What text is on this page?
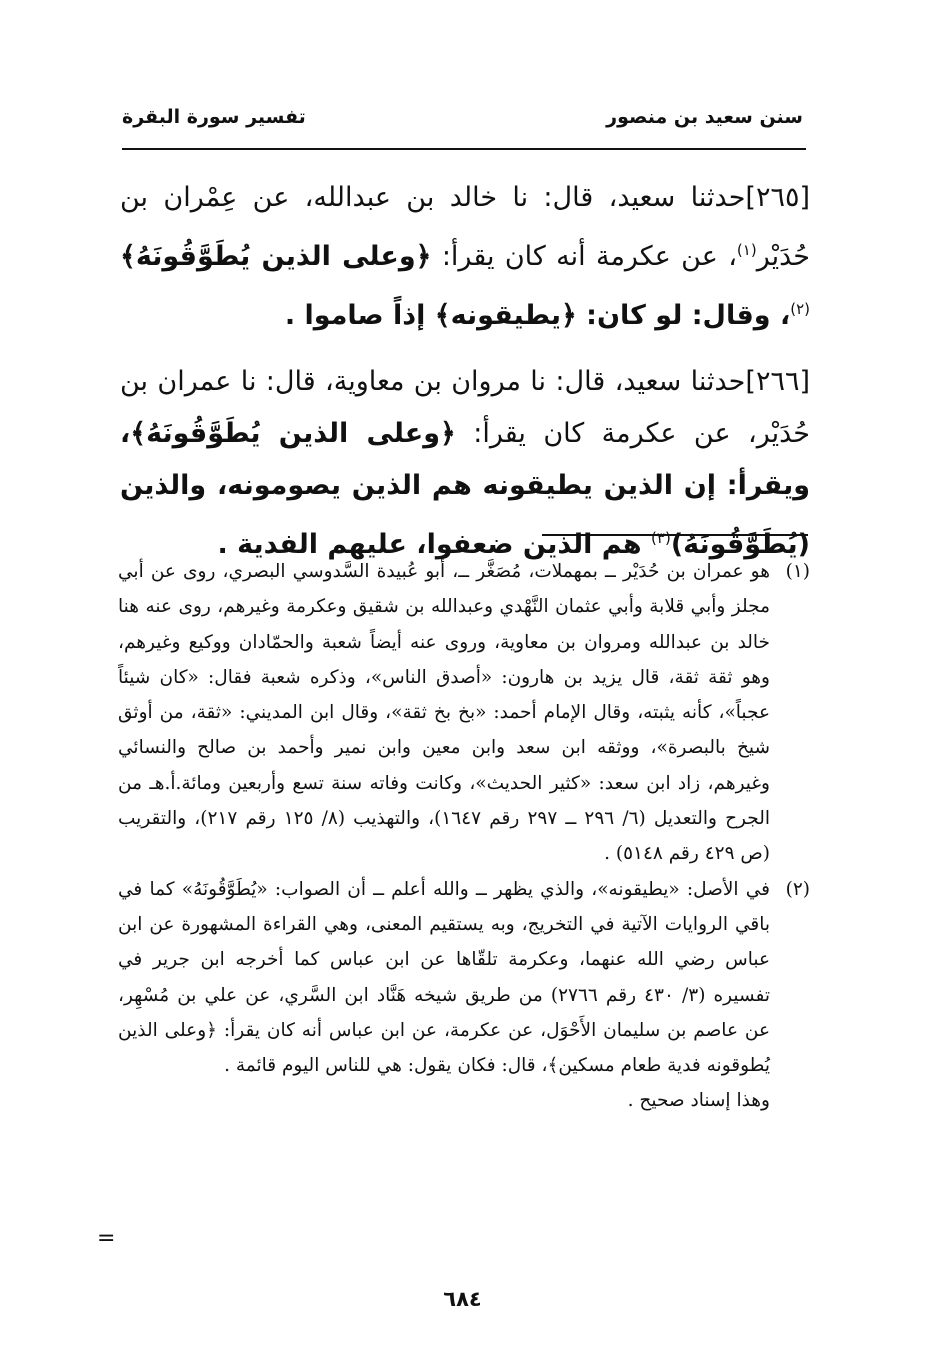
سنن سعيد بن منصور
تفسير سورة البقرة

[٢٦٥]حدثنا سعيد، قال: نا خالد بن عبدالله، عن عِمْران بن حُدَيْر$^{(١)}$، عن عكرمة أنه كان يقرأ: ﴿وعلى الذين يُطَوَّقُونَهُ﴾$^{(٢)}$، وقال: لو كان: ﴿يطيقونه﴾ إذاً صاموا .

[٢٦٦]حدثنا سعيد، قال: نا مروان بن معاوية، قال: نا عمران بن حُدَيْر، عن عكرمة كان يقرأ: ﴿وعلى الذين يُطَوَّقُونَهُ﴾، ويقرأ: إن الذين يطيقونه هم الذين يصومونه، والذين (يُطَوَّقُونَهُ)$^{(٣)}$ هم الذين ضعفوا، عليهم الفدية .

(١)

هو عمران بن حُدَيْر ــ بمهملات، مُصَغَّر ــ، أبو عُبيدة السَّدوسي البصري، روى عن أبي مجلز وأبي قلابة وأبي عثمان النَّهْدي وعبدالله بن شقيق وعكرمة وغيرهم، روى عنه هنا خالد بن عبدالله ومروان بن معاوية، وروى عنه أيضاً شعبة والحمّادان ووكيع وغيرهم، وهو ثقة ثقة، قال يزيد بن هارون: «أصدق الناس»، وذكره شعبة فقال: «كان شيئاً عجباً»، كأنه يثبته، وقال الإمام أحمد: «بخ بخ ثقة»، وقال ابن المديني: «ثقة، من أوثق شيخ بالبصرة»، ووثقه ابن سعد وابن معين وابن نمير وأحمد بن صالح والنسائي وغيرهم، زاد ابن سعد: «كثير الحديث»، وكانت وفاته سنة تسع وأربعين ومائة.أ.هـ من الجرح والتعديل (٦/ ٢٩٦ ــ ٢٩٧ رقم ١٦٤٧)، والتهذيب (٨/ ١٢٥ رقم ٢١٧)، والتقريب (ص ٤٢٩ رقم ٥١٤٨) .

(٢)

في الأصل: «يطيقونه»، والذي يظهر ــ والله أعلم ــ أن الصواب: «يُطَوَّقُونَهُ» كما في باقي الروايات الآتية في التخريج، وبه يستقيم المعنى، وهي القراءة المشهورة عن ابن عباس رضي الله عنهما، وعكرمة تلقّاها عن ابن عباس كما أخرجه ابن جرير في تفسيره (٣/ ٤٣٠ رقم ٢٧٦٦) من طريق شيخه هَنَّاد ابن السَّري، عن علي بن مُسْهِر، عن عاصم بن سليمان الأَحْوَل، عن عكرمة، عن ابن عباس أنه كان يقرأ: ﴿وعلى الذين يُطوقونه فدية طعام مسكين﴾، قال: فكان يقول: هي للناس اليوم قائمة .

وهذا إسناد صحيح .

=
٦٨٤
